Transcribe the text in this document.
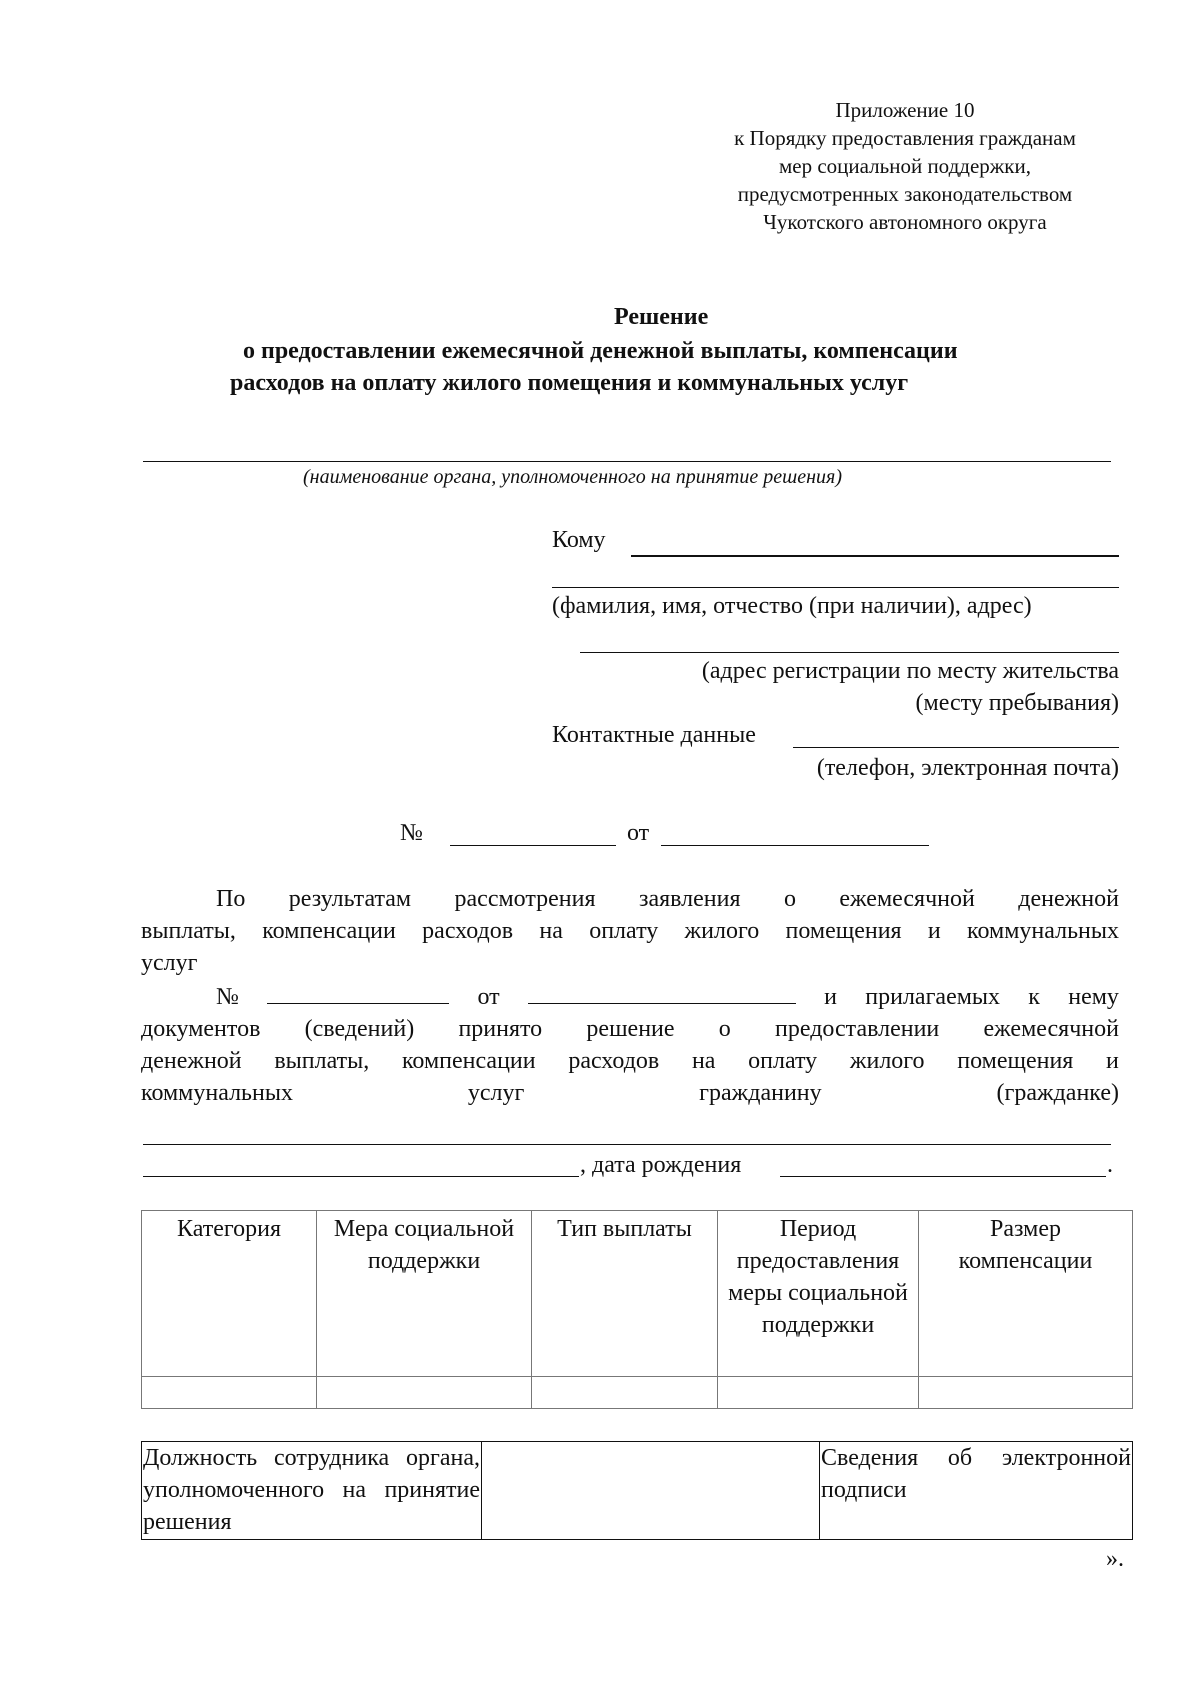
Приложение 10
к Порядку предоставления гражданам
мер социальной поддержки,
предусмотренных законодательством
Чукотского автономного округа
Решение
о предоставлении ежемесячной денежной выплаты, компенсации
расходов на оплату жилого помещения и коммунальных услуг
(наименование органа, уполномоченного на принятие решения)
Кому
(фамилия, имя, отчество (при наличии), адрес)
(адрес регистрации по месту жительства
(месту пребывания)
Контактные данные
(телефон, электронная почта)
№	от
По результатам рассмотрения заявления о ежемесячной денежной
выплаты, компенсации расходов на оплату жилого помещения и коммунальных
услуг
№	от	и прилагаемых к нему
документов (сведений) принято решение о предоставлении ежемесячной
денежной выплаты, компенсации расходов на оплату жилого помещения и
коммунальных	услуг	гражданину	(гражданке)
, дата рождения	.
Категория	Мера социальной поддержки	Тип выплаты	Период предоставления меры социальной поддержки	Размер компенсации

Должность сотрудника органа, уполномоченного на принятие решения		Сведения об электронной подписи
».
